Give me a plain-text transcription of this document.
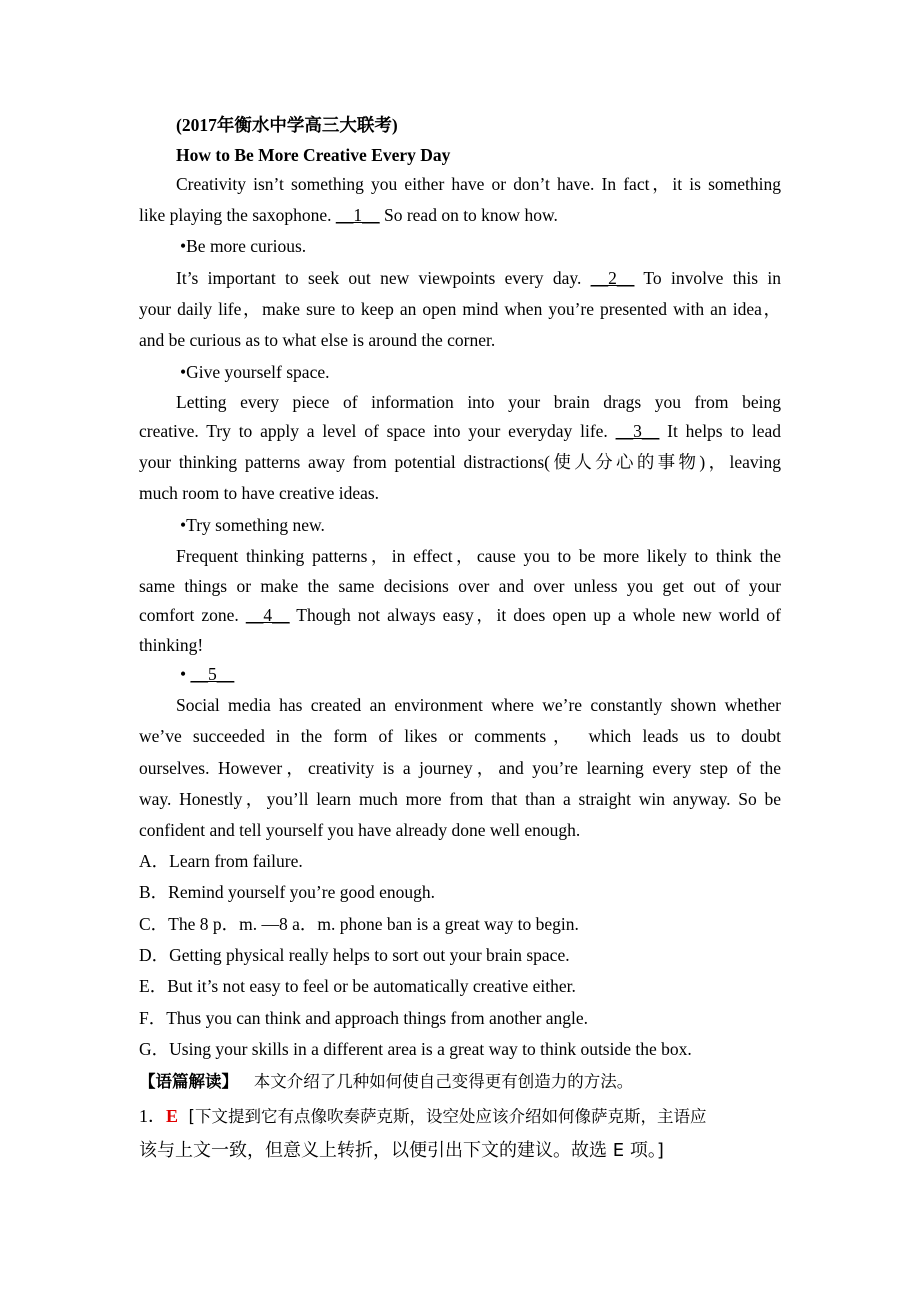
(2017年衡水中学高三大联考)
How to Be More Creative Every Day
Creativity isn’t something you either have or don’t have. In fact，it is something
like playing the saxophone. __1__ So read on to know how.
•Be more curious.
It’s important to seek out new viewpoints every day. __2__ To involve this in
your daily life，make sure to keep an open mind when you’re presented with an idea，
and be curious as to what else is around the corner.
•Give yourself space.
Letting every piece of information into your brain drags you from being
creative. Try to apply a level of space into your everyday life. __3__ It helps to lead
your thinking patterns away from potential distractions(使人分心的事物)，leaving
much room to have creative ideas.
•Try something new.
Frequent thinking patterns，in effect，cause you to be more likely to think the
same things or make the same decisions over and over unless you get out of your
comfort zone. __4__ Though not always easy，it does open up a whole new world of
thinking!
• __5__
Social media has created an environment where we’re constantly shown whether
we’ve succeeded in the form of likes or comments， which leads us to doubt
ourselves. However，creativity is a journey，and you’re learning every step of the
way. Honestly，you’ll learn much more from that than a straight win anyway. So be
confident and tell yourself you have already done well enough.
A．Learn from failure.
B．Remind yourself you’re good enough.
C．The 8 p．m. —8 a．m. phone ban is a great way to begin.
D．Getting physical really helps to sort out your brain space.
E．But it’s not easy to feel or be automatically creative either.
F．Thus you can think and approach things from another angle.
G．Using your skills in a different area is a great way to think outside the box.
【语篇解读】 本文介绍了几种如何使自己变得更有创造力的方法。
1．E [下文提到它有点像吹奏萨克斯，设空处应该介绍如何像萨克斯，主语应
该与上文一致，但意义上转折，以便引出下文的建议。故选 E 项。]
